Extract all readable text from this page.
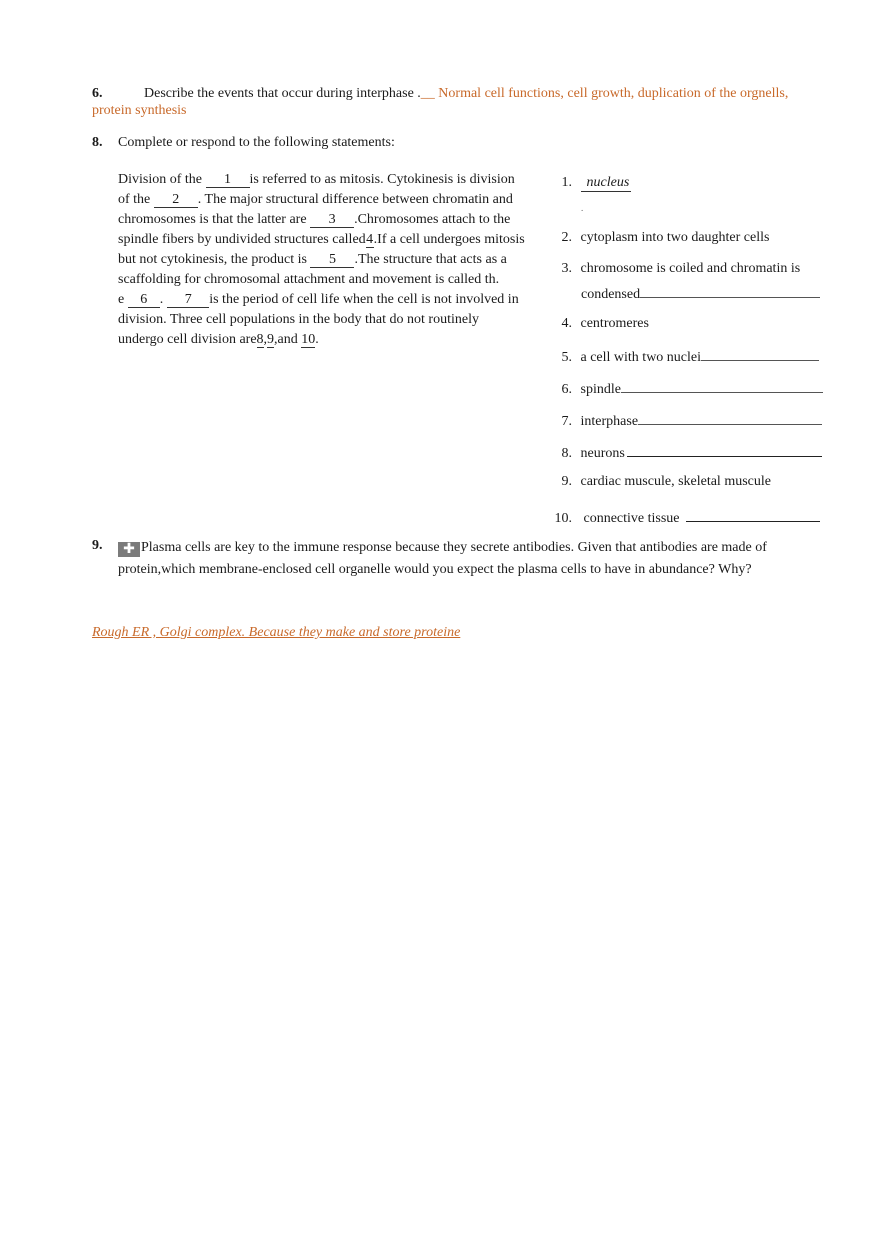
6.	Describe the events that occur during interphase .__ Normal cell functions, cell growth, duplication of the orgnells,
protein synthesis
8. Complete or respond to the following statements:
Division of the 1 is referred to as mitosis. Cytokinesis is division
of the 2 . The major structural difference between chromatin and
chromosomes is that the latter are 3 .Chromosomes attach to the
spindle fibers by undivided structures called4.If a cell undergoes mitosis
but not cytokinesis, the product is 5 .The structure that acts as a
scaffolding for chromosomal attachment and movement is called th.
e 6 . 7 is the period of cell life when the cell is not involved in
division. Three cell populations in the body that do not routinely
undergo cell division are8,9,and 10.
1. nucleus
.
2. cytoplasm into two daughter cells
3. chromosome is coiled and chromatin is
condensed
4. centromeres
5. a cell with two nuclei
6. spindle
7. interphase
8. neurons
9. cardiac muscule, skeletal muscule
10. connective tissue
9.	✚ Plasma cells are key to the immune response because they secrete antibodies. Given that antibodies are made of
protein,which membrane-enclosed cell organelle would you expect the plasma cells to have in abundance? Why?
Rough ER , Golgi complex. Because they make and store proteine
